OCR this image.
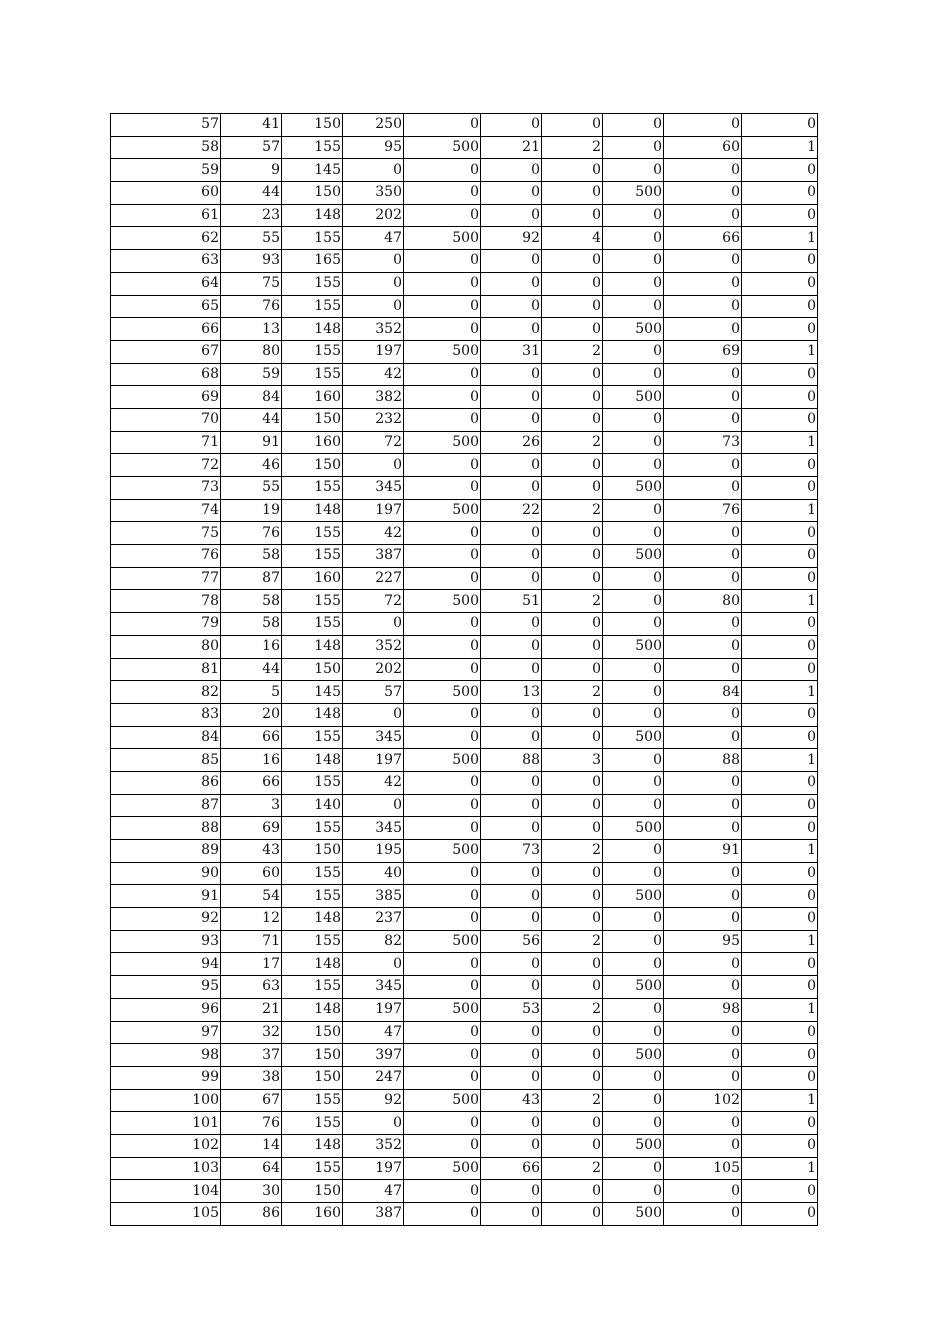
57	41	150	250	0	0	0	0	0	0
58	57	155	95	500	21	2	0	60	1
59	9	145	0	0	0	0	0	0	0
60	44	150	350	0	0	0	500	0	0
61	23	148	202	0	0	0	0	0	0
62	55	155	47	500	92	4	0	66	1
63	93	165	0	0	0	0	0	0	0
64	75	155	0	0	0	0	0	0	0
65	76	155	0	0	0	0	0	0	0
66	13	148	352	0	0	0	500	0	0
67	80	155	197	500	31	2	0	69	1
68	59	155	42	0	0	0	0	0	0
69	84	160	382	0	0	0	500	0	0
70	44	150	232	0	0	0	0	0	0
71	91	160	72	500	26	2	0	73	1
72	46	150	0	0	0	0	0	0	0
73	55	155	345	0	0	0	500	0	0
74	19	148	197	500	22	2	0	76	1
75	76	155	42	0	0	0	0	0	0
76	58	155	387	0	0	0	500	0	0
77	87	160	227	0	0	0	0	0	0
78	58	155	72	500	51	2	0	80	1
79	58	155	0	0	0	0	0	0	0
80	16	148	352	0	0	0	500	0	0
81	44	150	202	0	0	0	0	0	0
82	5	145	57	500	13	2	0	84	1
83	20	148	0	0	0	0	0	0	0
84	66	155	345	0	0	0	500	0	0
85	16	148	197	500	88	3	0	88	1
86	66	155	42	0	0	0	0	0	0
87	3	140	0	0	0	0	0	0	0
88	69	155	345	0	0	0	500	0	0
89	43	150	195	500	73	2	0	91	1
90	60	155	40	0	0	0	0	0	0
91	54	155	385	0	0	0	500	0	0
92	12	148	237	0	0	0	0	0	0
93	71	155	82	500	56	2	0	95	1
94	17	148	0	0	0	0	0	0	0
95	63	155	345	0	0	0	500	0	0
96	21	148	197	500	53	2	0	98	1
97	32	150	47	0	0	0	0	0	0
98	37	150	397	0	0	0	500	0	0
99	38	150	247	0	0	0	0	0	0
100	67	155	92	500	43	2	0	102	1
101	76	155	0	0	0	0	0	0	0
102	14	148	352	0	0	0	500	0	0
103	64	155	197	500	66	2	0	105	1
104	30	150	47	0	0	0	0	0	0
105	86	160	387	0	0	0	500	0	0
